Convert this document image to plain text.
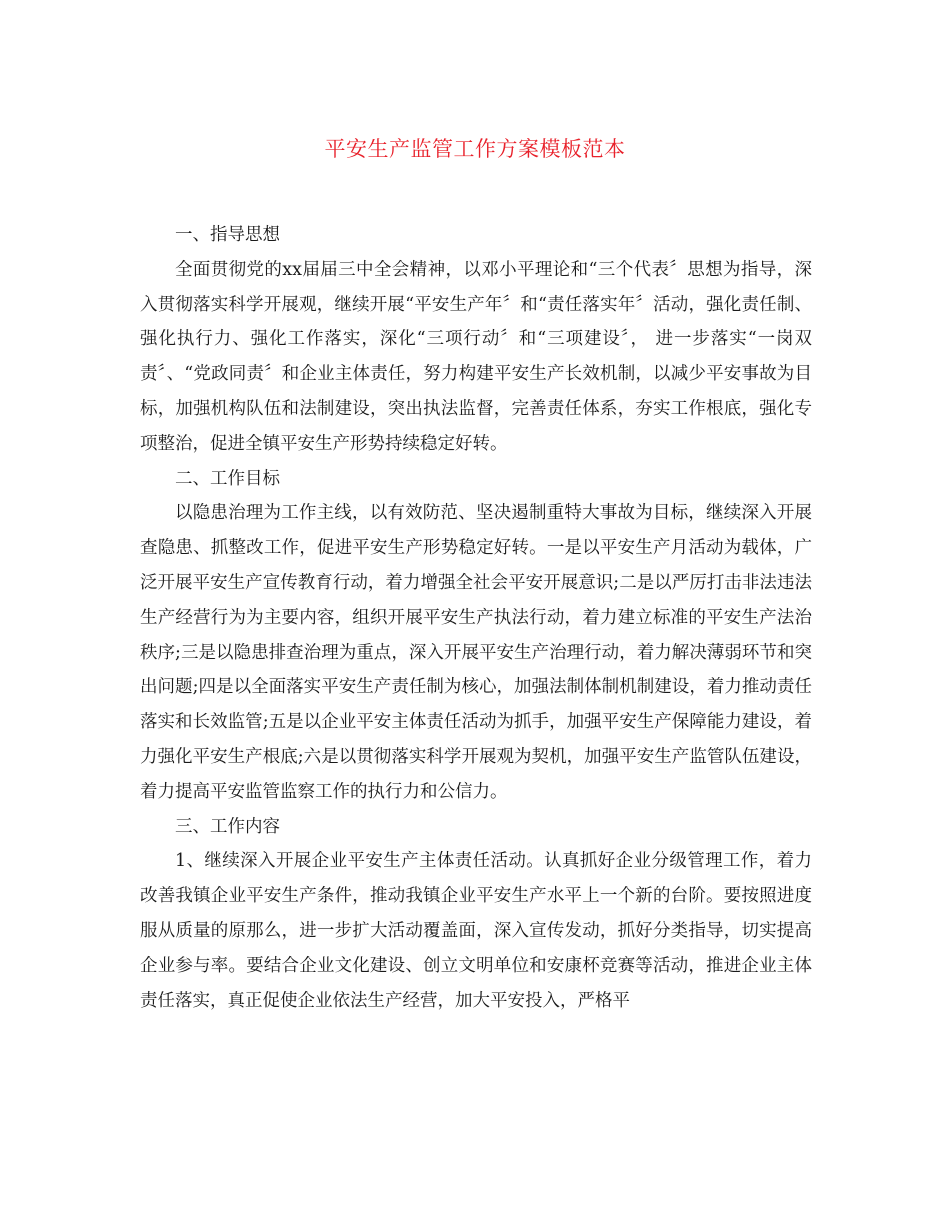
平安生产监管工作方案模板范本

一、指导思想

全面贯彻党的xx届届三中全会精神，以邓小平理论和“三个代表〞思想为指导，深入贯彻落实科学开展观，继续开展“平安生产年〞和“责任落实年〞活动，强化责任制、强化执行力、强化工作落实，深化“三项行动〞和“三项建设〞， 进一步落实“一岗双责〞、“党政同责〞和企业主体责任，努力构建平安生产长效机制，以减少平安事故为目标，加强机构队伍和法制建设，突出执法监督，完善责任体系，夯实工作根底，强化专项整治，促进全镇平安生产形势持续稳定好转。

二、工作目标

以隐患治理为工作主线，以有效防范、坚决遏制重特大事故为目标，继续深入开展查隐患、抓整改工作，促进平安生产形势稳定好转。一是以平安生产月活动为载体，广泛开展平安生产宣传教育行动，着力增强全社会平安开展意识;二是以严厉打击非法违法生产经营行为为主要内容，组织开展平安生产执法行动，着力建立标准的平安生产法治秩序;三是以隐患排查治理为重点，深入开展平安生产治理行动，着力解决薄弱环节和突出问题;四是以全面落实平安生产责任制为核心，加强法制体制机制建设，着力推动责任落实和长效监管;五是以企业平安主体责任活动为抓手，加强平安生产保障能力建设，着力强化平安生产根底;六是以贯彻落实科学开展观为契机，加强平安生产监管队伍建设，着力提高平安监管监察工作的执行力和公信力。

三、工作内容

1、继续深入开展企业平安生产主体责任活动。认真抓好企业分级管理工作，着力改善我镇企业平安生产条件，推动我镇企业平安生产水平上一个新的台阶。要按照进度服从质量的原那么，进一步扩大活动覆盖面，深入宣传发动，抓好分类指导，切实提高企业参与率。要结合企业文化建设、创立文明单位和安康杯竞赛等活动，推进企业主体责任落实，真正促使企业依法生产经营，加大平安投入，严格平
